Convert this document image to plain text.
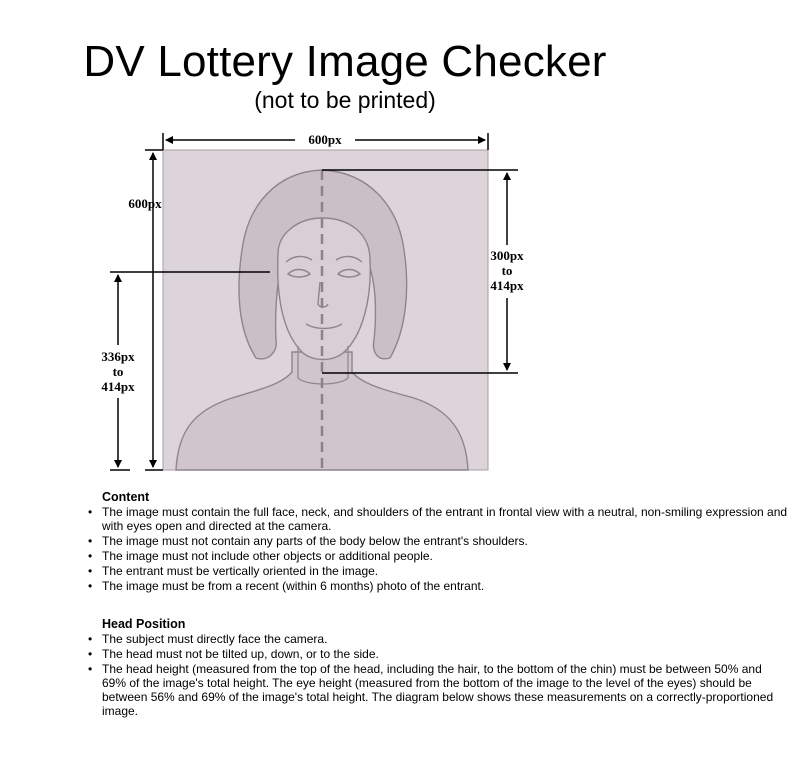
DV Lottery Image Checker
(not to be printed)
600px
600px
336px
to
414px
300px
to
414px
Content
• The image must contain the full face, neck, and shoulders of the entrant in frontal view with a neutral, non-smiling expression and with eyes open and directed at the camera.
• The image must not contain any parts of the body below the entrant's shoulders.
• The image must not include other objects or additional people.
• The entrant must be vertically oriented in the image.
• The image must be from a recent (within 6 months) photo of the entrant.
Head Position
• The subject must directly face the camera.
• The head must not be tilted up, down, or to the side.
• The head height (measured from the top of the head, including the hair, to the bottom of the chin) must be between 50% and 69% of the image's total height. The eye height (measured from the bottom of the image to the level of the eyes) should be between 56% and 69% of the image's total height. The diagram below shows these measurements on a correctly-proportioned image.
